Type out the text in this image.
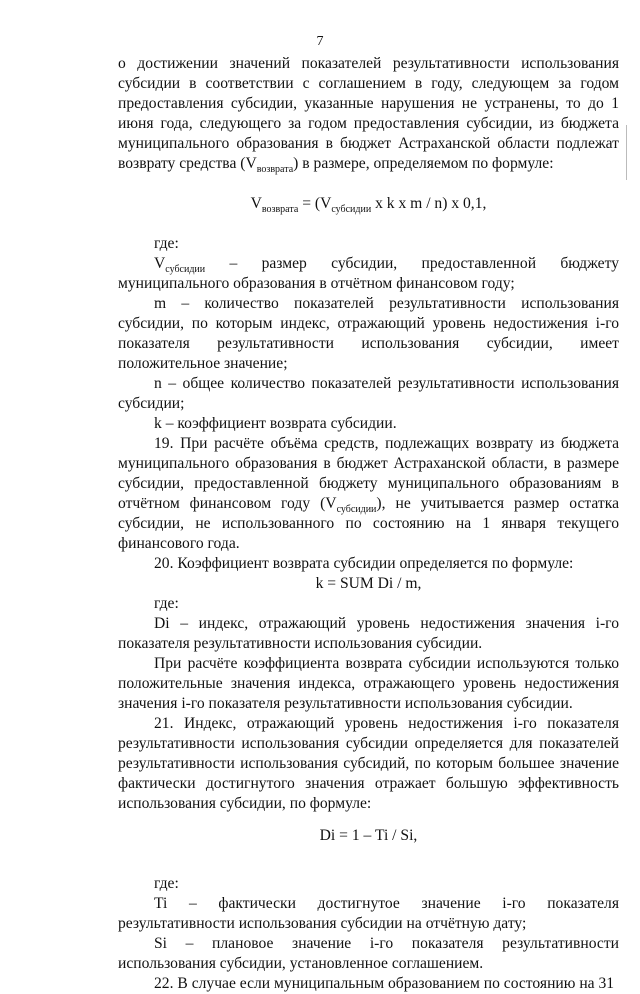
7

о достижении значений показателей результативности использования субсидии в соответствии с соглашением в году, следующем за годом предоставления субсидии, указанные нарушения не устранены, то до 1 июня года, следующего за годом предоставления субсидии, из бюджета муниципального образования в бюджет Астраханской области подлежат возврату средства $(V_{возврата})$ в размере, определяемом по формуле:

$V_{возврата} = (V_{субсидии}$ x k x m / n) x 0,1,

где:

$V_{субсидии}$ – размер субсидии, предоставленной бюджету муниципального образования в отчётном финансовом году;

m – количество показателей результативности использования субсидии, по которым индекс, отражающий уровень недостижения i-го показателя результативности использования субсидии, имеет положительное значение;

n – общее количество показателей результативности использования субсидии;

k – коэффициент возврата субсидии.

19. При расчёте объёма средств, подлежащих возврату из бюджета муниципального образования в бюджет Астраханской области, в размере субсидии, предоставленной бюджету муниципального образованиям в отчётном финансовом году $(V_{субсидии})$, не учитывается размер остатка субсидии, не использованного по состоянию на 1 января текущего финансового года.

20. Коэффициент возврата субсидии определяется по формуле:

k = SUM Di / m,

где:

Di – индекс, отражающий уровень недостижения значения i-го показателя результативности использования субсидии.

При расчёте коэффициента возврата субсидии используются только положительные значения индекса, отражающего уровень недостижения значения i-го показателя результативности использования субсидии.

21. Индекс, отражающий уровень недостижения i-го показателя результативности использования субсидии определяется для показателей результативности использования субсидий, по которым большее значение фактически достигнутого значения отражает большую эффективность использования субсидии, по формуле:

Di = 1 – Ti / Si,

где:

Ti – фактически достигнутое значение i-го показателя результативности использования субсидии на отчётную дату;

Si – плановое значение i-го показателя результативности использования субсидии, установленное соглашением.

22. В случае если муниципальным образованием по состоянию на 31
